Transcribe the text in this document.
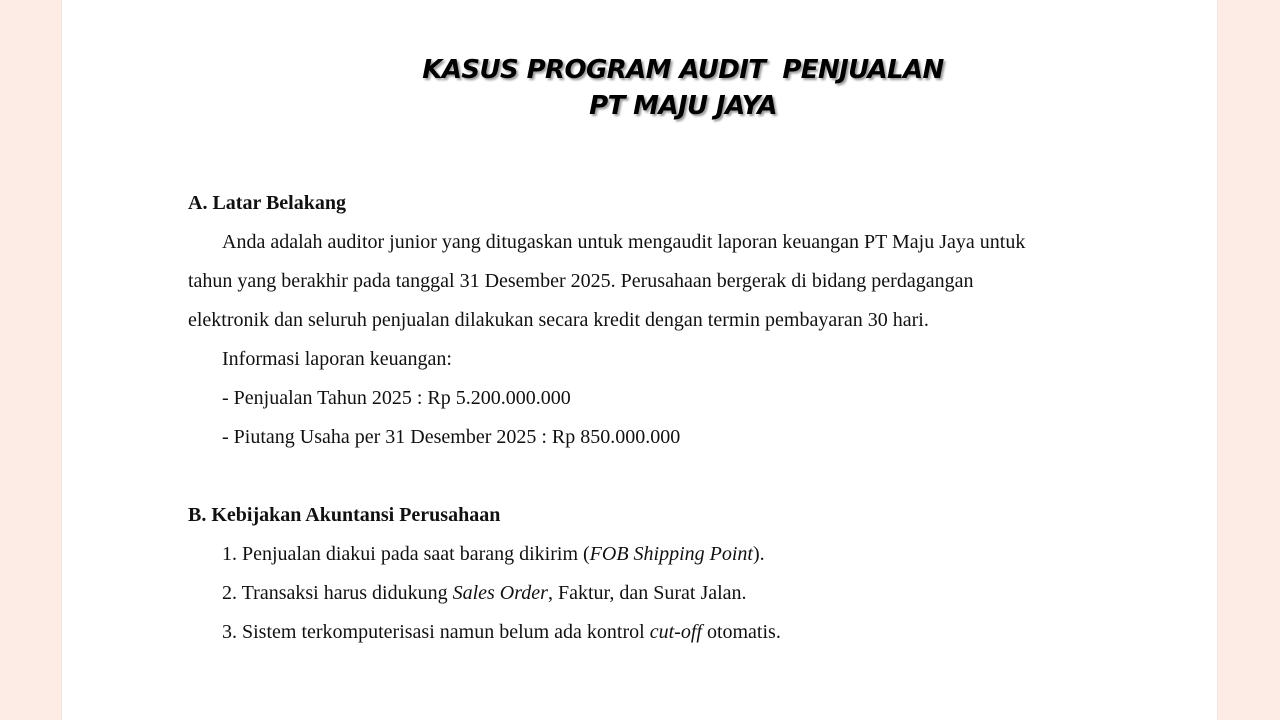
KASUS PROGRAM AUDIT  PENJUALAN
PT MAJU JAYA

A. Latar Belakang

Anda adalah auditor junior yang ditugaskan untuk mengaudit laporan keuangan PT Maju Jaya untuk tahun yang berakhir pada tanggal 31 Desember 2025. Perusahaan bergerak di bidang perdagangan elektronik dan seluruh penjualan dilakukan secara kredit dengan termin pembayaran 30 hari.

Informasi laporan keuangan:

- Penjualan Tahun 2025 : Rp 5.200.000.000

- Piutang Usaha per 31 Desember 2025 : Rp 850.000.000

B. Kebijakan Akuntansi Perusahaan

1. Penjualan diakui pada saat barang dikirim (FOB Shipping Point).

2. Transaksi harus didukung Sales Order, Faktur, dan Surat Jalan.

3. Sistem terkomputerisasi namun belum ada kontrol cut-off otomatis.
